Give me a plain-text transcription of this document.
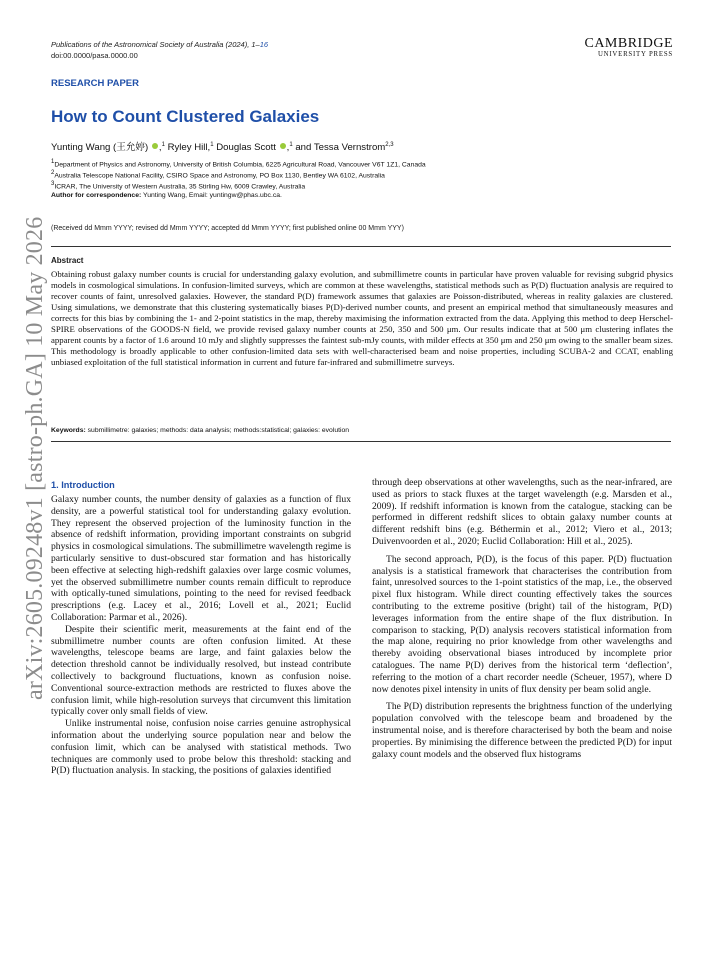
arXiv:2605.09248v1 [astro-ph.GA] 10 May 2026
Publications of the Astronomical Society of Australia (2024), 1–16
doi:00.0000/pasa.0000.00
CAMBRIDGE
UNIVERSITY PRESS
RESEARCH PAPER
How to Count Clustered Galaxies
Yunting Wang (王允婷) ,$^1$ Ryley Hill,$^1$ Douglas Scott ,$^1$ and Tessa Vernstrom$^{2,3}$
$^1$Department of Physics and Astronomy, University of British Columbia, 6225 Agricultural Road, Vancouver V6T 1Z1, Canada
$^2$Australia Telescope National Facility, CSIRO Space and Astronomy, PO Box 1130, Bentley WA 6102, Australia
$^3$ICRAR, The University of Western Australia, 35 Stirling Hw, 6009 Crawley, Australia
Author for correspondence: Yunting Wang, Email: yuntingw@phas.ubc.ca.
(Received dd Mmm YYYY; revised dd Mmm YYYY; accepted dd Mmm YYYY; first published online 00 Mmm YYY)
Abstract
Obtaining robust galaxy number counts is crucial for understanding galaxy evolution, and submillimetre counts in particular have proven valuable for revising subgrid physics models in cosmological simulations. In confusion-limited surveys, which are common at these wavelengths, statistical methods such as P(D) fluctuation analysis are required to recover counts of faint, unresolved galaxies. However, the standard P(D) framework assumes that galaxies are Poisson-distributed, whereas in reality galaxies are clustered. Using simulations, we demonstrate that this clustering systematically biases P(D)-derived number counts, and present an empirical method that simultaneously measures and corrects for this bias by combining the 1- and 2-point statistics in the map, thereby maximising the information extracted from the data. Applying this method to deep Herschel-SPIRE observations of the GOODS-N field, we provide revised galaxy number counts at 250, 350 and 500 μm. Our results indicate that at 500 μm clustering inflates the apparent counts by a factor of 1.6 around 10 mJy and slightly suppresses the faintest sub-mJy counts, with milder effects at 350 μm and 250 μm owing to the smaller beam sizes. This methodology is broadly applicable to other confusion-limited data sets with well-characterised beam and noise properties, including SCUBA-2 and CCAT, enabling unbiased exploitation of the full statistical information in current and future far-infrared and submillimetre surveys.
Keywords: submillimetre: galaxies; methods: data analysis; methods:statistical; galaxies: evolution
1. Introduction

Galaxy number counts, the number density of galaxies as a function of flux density, are a powerful statistical tool for understanding galaxy evolution. They represent the observed projection of the luminosity function in the absence of redshift information, providing important constraints on subgrid physics in cosmological simulations. The submillimetre wavelength regime is particularly sensitive to dust-obscured star formation and has historically been effective at selecting high-redshift galaxies over large cosmic volumes, yet the observed submillimetre number counts remain difficult to reproduce with optically-tuned simulations, pointing to the need for revised feedback prescriptions (e.g. Lacey et al., 2016; Lovell et al., 2021; Euclid Collaboration: Parmar et al., 2026).

Despite their scientific merit, measurements at the faint end of the submillimetre number counts are often confusion limited. At these wavelengths, telescope beams are large, and faint galaxies below the detection threshold cannot be individually resolved, but instead contribute collectively to background fluctuations, known as confusion noise. Conventional source-extraction methods are restricted to fluxes above the confusion limit, while high-resolution surveys that circumvent this limitation typically cover only small fields of view.

Unlike instrumental noise, confusion noise carries genuine astrophysical information about the underlying source population near and below the confusion limit, which can be analysed with statistical methods. Two techniques are commonly used to probe below this threshold: stacking and P(D) fluctuation analysis. In stacking, the positions of galaxies identified

through deep observations at other wavelengths, such as the near-infrared, are used as priors to stack fluxes at the target wavelength (e.g. Marsden et al., 2009). If redshift information is known from the catalogue, stacking can be performed in different redshift slices to obtain galaxy number counts at different redshift bins (e.g. Béthermin et al., 2012; Viero et al., 2013; Duivenvoorden et al., 2020; Euclid Collaboration: Hill et al., 2025).

The second approach, P(D), is the focus of this paper. P(D) fluctuation analysis is a statistical framework that characterises the contribution from faint, unresolved sources to the 1-point statistics of the map, i.e., the observed pixel flux histogram. While direct counting effectively takes the sources contributing to the extreme positive (bright) tail of the histogram, P(D) leverages information from the entire shape of the flux distribution. In comparison to stacking, P(D) analysis recovers statistical information from the map alone, requiring no prior knowledge from other wavelengths and thereby avoiding observational biases introduced by incomplete prior catalogues. The name P(D) derives from the historical term ‘deflection’, referring to the motion of a chart recorder needle (Scheuer, 1957), where D now denotes pixel intensity in units of flux density per beam solid angle.

The P(D) distribution represents the brightness function of the underlying population convolved with the telescope beam and broadened by the instrumental noise, and is therefore characterised by both the beam and noise properties. By minimising the difference between the predicted P(D) for input galaxy count models and the observed flux histograms
